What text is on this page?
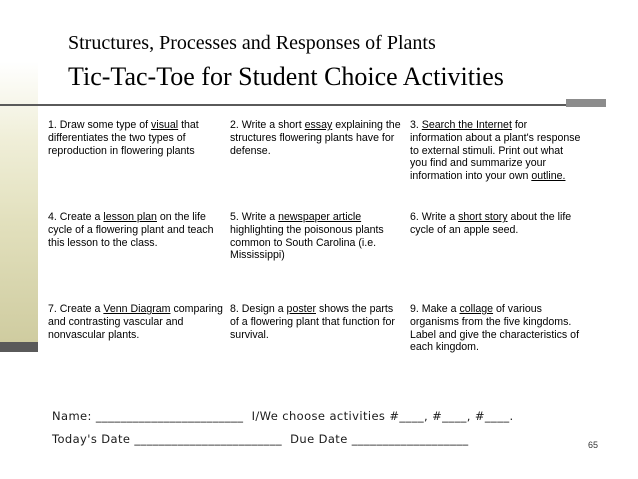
Structures, Processes and Responses of Plants
Tic-Tac-Toe for Student Choice Activities
1. Draw some type of visual that differentiates the two types of reproduction in flowering plants
2. Write a short essay explaining the structures flowering plants have for defense.
3. Search the Internet for information about a plant's response to external stimuli. Print out what you find and summarize your information into your own outline.
4. Create a lesson plan on the life cycle of a flowering plant and teach this lesson to the class.
5. Write a newspaper article highlighting the poisonous plants common to South Carolina (i.e. Mississippi)
6. Write a short story about the life cycle of an apple seed.
7. Create a Venn Diagram comparing and contrasting vascular and nonvascular plants.
8. Design a poster shows the parts of a flowering plant that function for survival.
9. Make a collage of various organisms from the five kingdoms. Label and give the characteristics of each kingdom.

Name: ________________________  I/We choose activities #____, #____, #____.

Today's Date ________________________  Due Date ___________________	65
